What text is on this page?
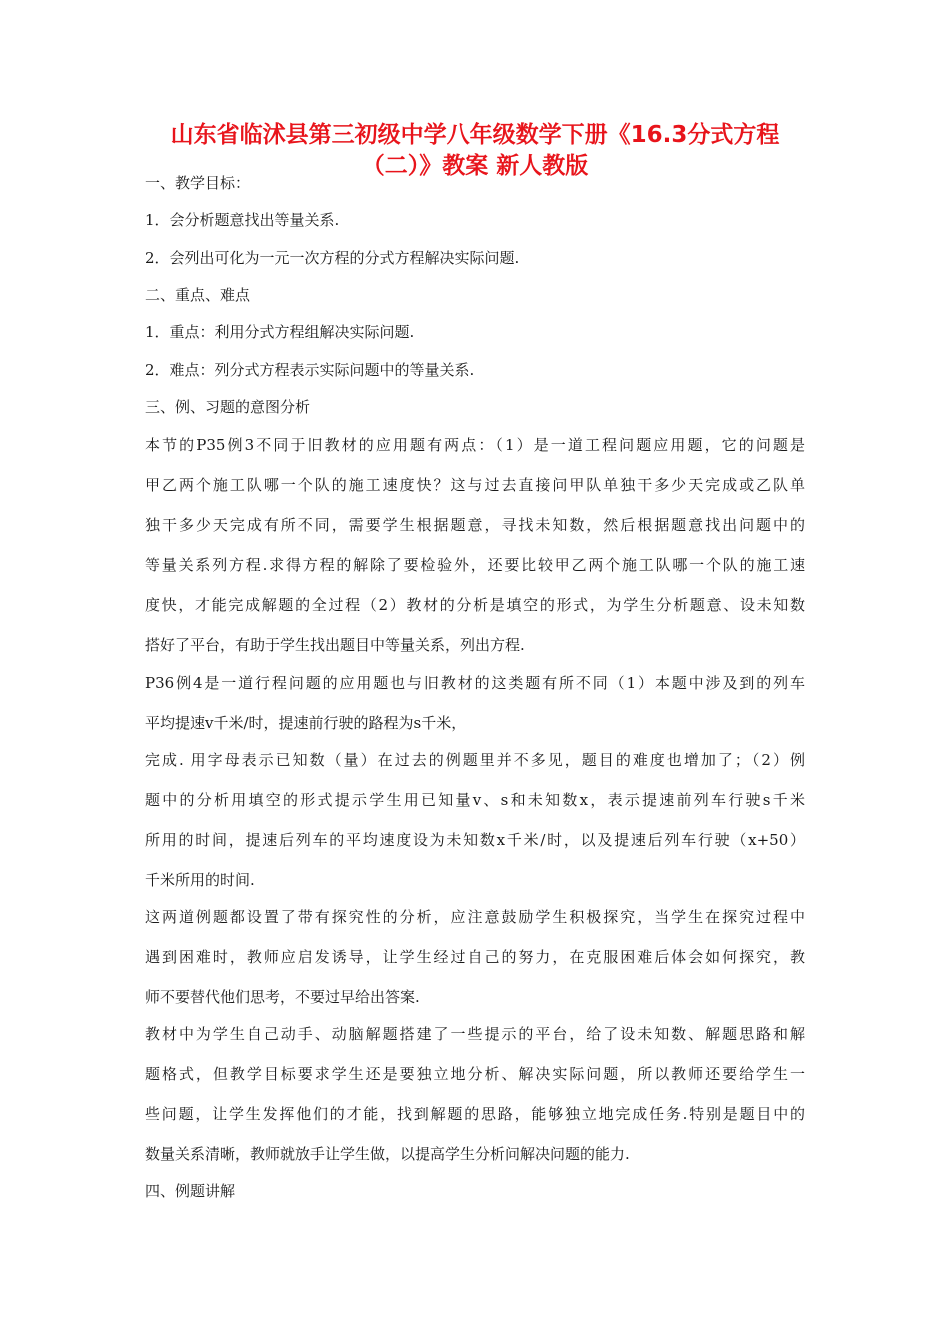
山东省临沭县第三初级中学八年级数学下册《16.3分式方程
（二）》教案 新人教版
一、教学目标：
1．会分析题意找出等量关系.
2．会列出可化为一元一次方程的分式方程解决实际问题.
二、重点、难点
1．重点：利用分式方程组解决实际问题.
2．难点：列分式方程表示实际问题中的等量关系.
三、例、习题的意图分析
本节的P35例3不同于旧教材的应用题有两点：（1）是一道工程问题应用题，它的问题是
甲乙两个施工队哪一个队的施工速度快？这与过去直接问甲队单独干多少天完成或乙队单
独干多少天完成有所不同，需要学生根据题意，寻找未知数，然后根据题意找出问题中的
等量关系列方程.求得方程的解除了要检验外，还要比较甲乙两个施工队哪一个队的施工速
度快，才能完成解题的全过程（2）教材的分析是填空的形式，为学生分析题意、设未知数
搭好了平台，有助于学生找出题目中等量关系，列出方程.
P36例4是一道行程问题的应用题也与旧教材的这类题有所不同（1）本题中涉及到的列车
平均提速v千米/时，提速前行驶的路程为s千米，
完成. 用字母表示已知数（量）在过去的例题里并不多见，题目的难度也增加了；（2）例
题中的分析用填空的形式提示学生用已知量v、s和未知数x，表示提速前列车行驶s千米
所用的时间，提速后列车的平均速度设为未知数x千米/时，以及提速后列车行驶（x+50）
千米所用的时间.
这两道例题都设置了带有探究性的分析，应注意鼓励学生积极探究，当学生在探究过程中
遇到困难时，教师应启发诱导，让学生经过自己的努力，在克服困难后体会如何探究，教
师不要替代他们思考，不要过早给出答案.
教材中为学生自己动手、动脑解题搭建了一些提示的平台，给了设未知数、解题思路和解
题格式，但教学目标要求学生还是要独立地分析、解决实际问题，所以教师还要给学生一
些问题，让学生发挥他们的才能，找到解题的思路，能够独立地完成任务.特别是题目中的
数量关系清晰，教师就放手让学生做，以提高学生分析问解决问题的能力.
四、例题讲解
